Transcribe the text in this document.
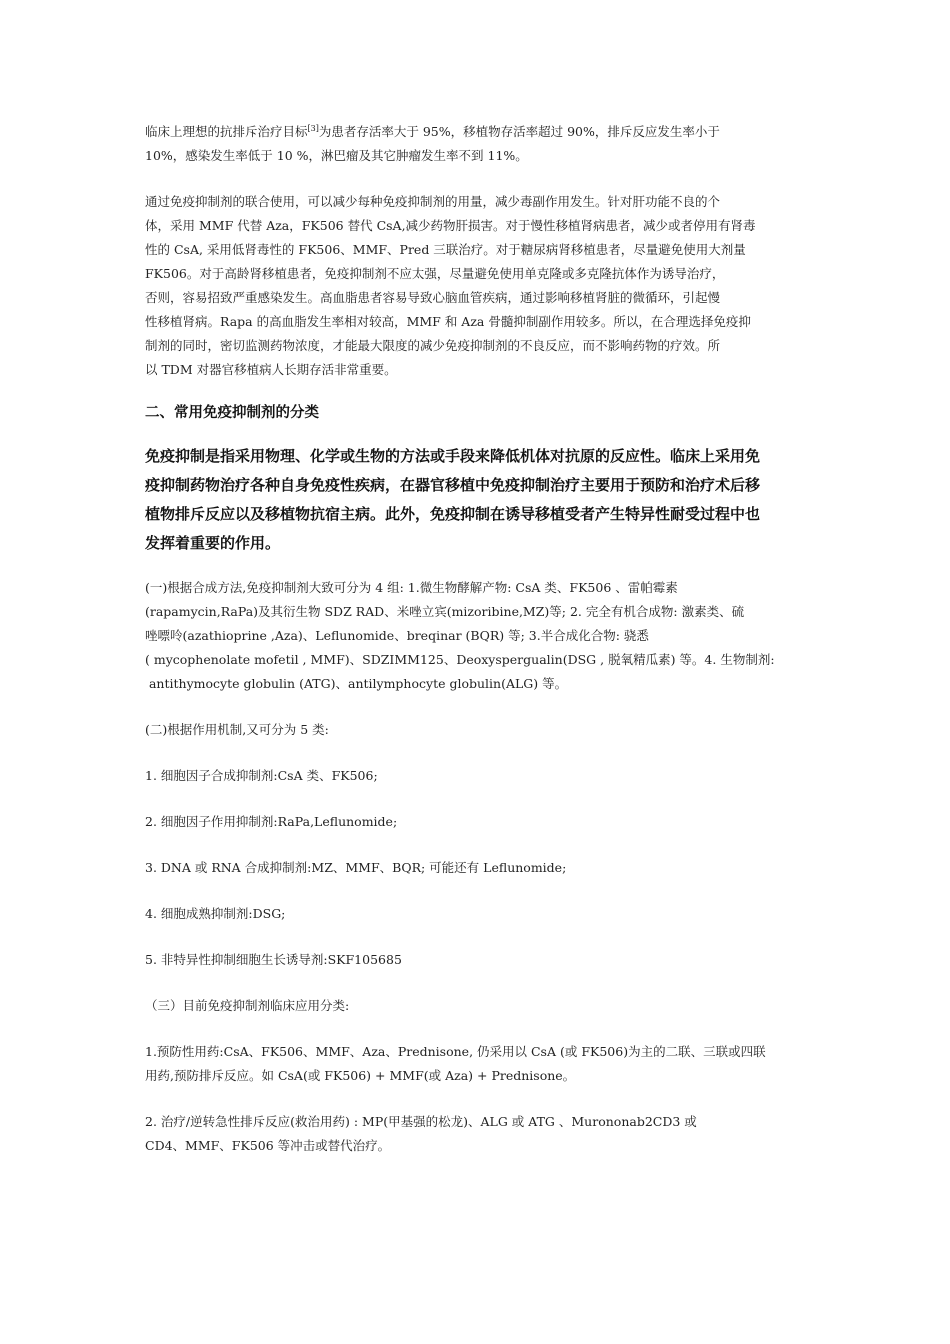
临床上理想的抗排斥治疗目标[3]为患者存活率大于 95%，移植物存活率超过 90%，排斥反应发生率小于

10%，感染发生率低于 10 %，淋巴瘤及其它肿瘤发生率不到 11%。

通过免疫抑制剂的联合使用，可以减少每种免疫抑制剂的用量，减少毒副作用发生。针对肝功能不良的个

体，采用 MMF 代替 Aza，FK506 替代 CsA,减少药物肝损害。对于慢性移植肾病患者，减少或者停用有肾毒

性的 CsA, 采用低肾毒性的 FK506、MMF、Pred 三联治疗。对于糖尿病肾移植患者，尽量避免使用大剂量

FK506。对于高龄肾移植患者，免疫抑制剂不应太强，尽量避免使用单克隆或多克隆抗体作为诱导治疗，

否则，容易招致严重感染发生。高血脂患者容易导致心脑血管疾病，通过影响移植肾脏的微循环，引起慢

性移植肾病。Rapa 的高血脂发生率相对较高，MMF 和 Aza 骨髓抑制副作用较多。所以，在合理选择免疫抑

制剂的同时，密切监测药物浓度，才能最大限度的减少免疫抑制剂的不良反应，而不影响药物的疗效。所

以 TDM 对器官移植病人长期存活非常重要。

二、常用免疫抑制剂的分类

免疫抑制是指采用物理、化学或生物的方法或手段来降低机体对抗原的反应性。临床上采用免

疫抑制药物治疗各种自身免疫性疾病，在器官移植中免疫抑制治疗主要用于预防和治疗术后移

植物排斥反应以及移植物抗宿主病。此外，免疫抑制在诱导移植受者产生特异性耐受过程中也

发挥着重要的作用。

(一)根据合成方法,免疫抑制剂大致可分为 4 组: 1.微生物酵解产物: CsA 类、FK506 、雷帕霉素

(rapamycin,RaPa)及其衍生物 SDZ RAD、米唑立宾(mizoribine,MZ)等; 2. 完全有机合成物: 激素类、硫

唑嘌呤(azathioprine ,Aza)、Leflunomide、breqinar (BQR) 等; 3.半合成化合物: 骁悉

( mycophenolate mofetil , MMF)、SDZIMM125、Deoxyspergualin(DSG , 脱氧精瓜素) 等。4. 生物制剂:

antithymocyte globulin (ATG)、antilymphocyte globulin(ALG) 等。

(二)根据作用机制,又可分为 5 类:

1. 细胞因子合成抑制剂:CsA 类、FK506;

2. 细胞因子作用抑制剂:RaPa,Leflunomide;

3. DNA 或 RNA 合成抑制剂:MZ、MMF、BQR; 可能还有 Leflunomide;

4. 细胞成熟抑制剂:DSG;

5. 非特异性抑制细胞生长诱导剂:SKF105685

（三）目前免疫抑制剂临床应用分类:

1.预防性用药:CsA、FK506、MMF、Aza、Prednisone, 仍采用以 CsA (或 FK506)为主的二联、三联或四联

用药,预防排斥反应。如 CsA(或 FK506) + MMF(或 Aza) + Prednisone。

2. 治疗/逆转急性排斥反应(救治用药) : MP(甲基强的松龙)、ALG 或 ATG 、Murononab2CD3 或

CD4、MMF、FK506 等冲击或替代治疗。
